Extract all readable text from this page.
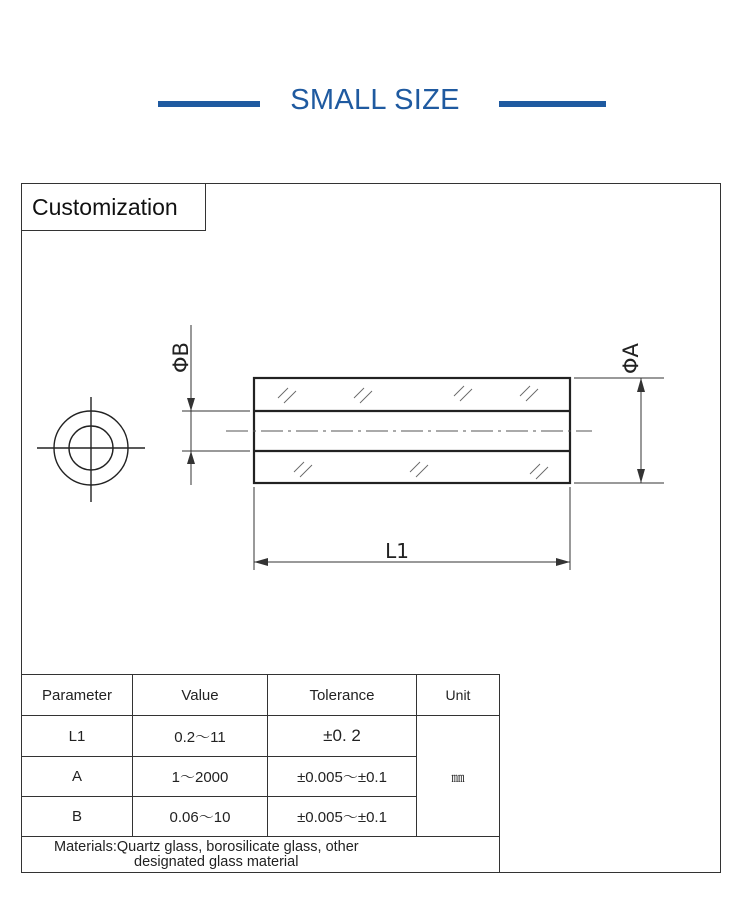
SMALL SIZE
Customization
ΦB	ΦA
L1
Parameter	Value	Tolerance	Unit
L1	0.2～11	±0. 2	㎜
A	1～2000	±0.005～±0.1	
B	0.06～10	±0.005～±0.1	
Materials:Quartz glass, borosilicate glass, other
designated glass material			
